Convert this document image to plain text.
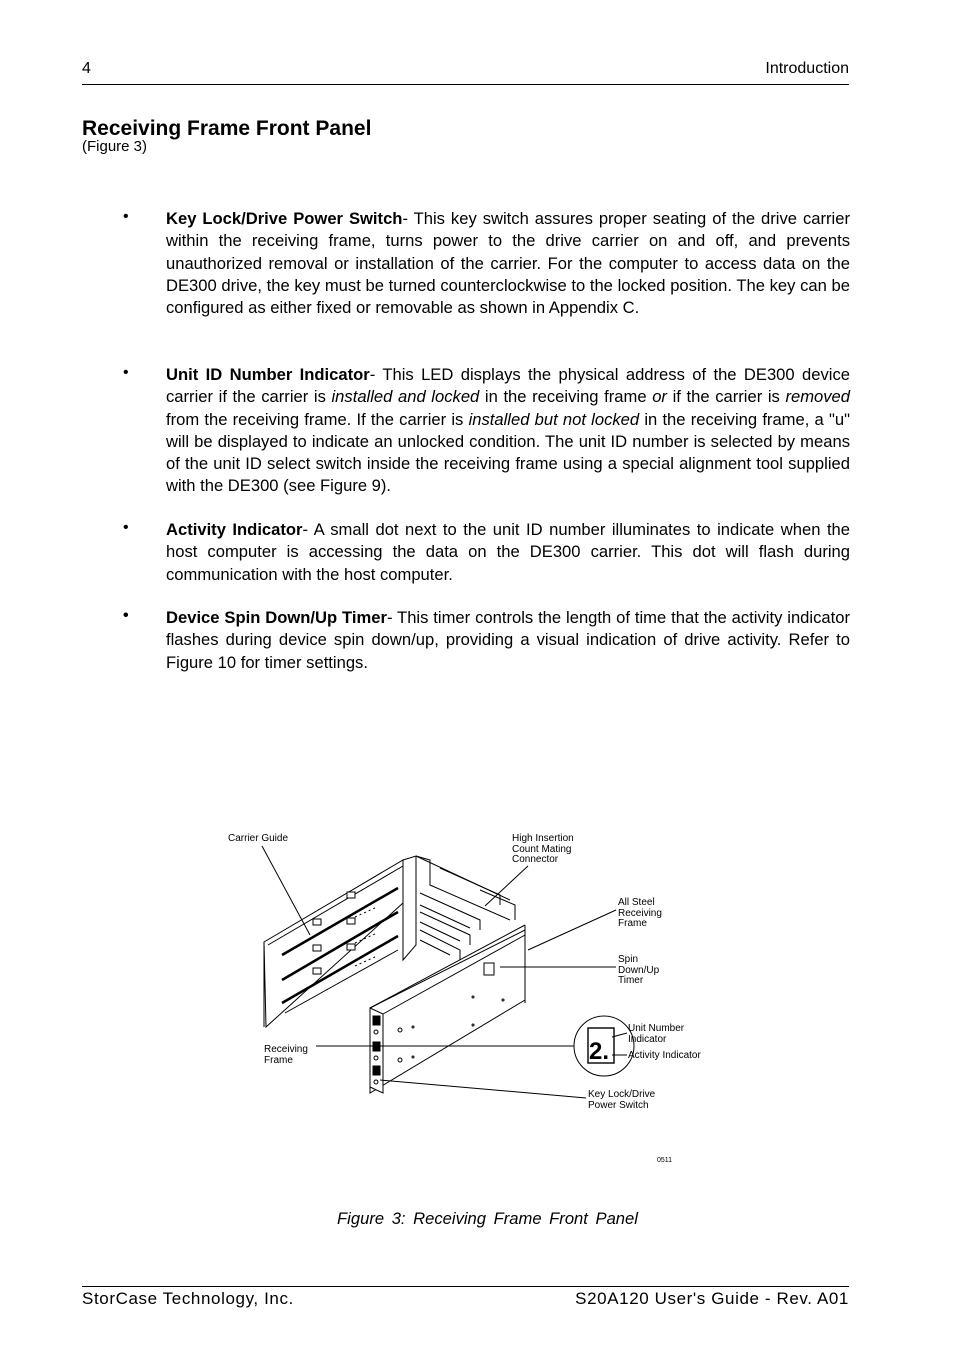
4	Introduction
Receiving Frame Front Panel
(Figure 3)
• Key Lock/Drive Power Switch- This key switch assures proper seating of the drive carrier within the receiving frame, turns power to the drive carrier on and off, and prevents unauthorized removal or installation of the carrier. For the computer to access data on the DE300 drive, the key must be turned counterclockwise to the locked position. The key can be configured as either fixed or removable as shown in Appendix C.
• Unit ID Number Indicator- This LED displays the physical address of the DE300 device carrier if the carrier is installed and locked in the receiving frame or if the carrier is removed from the receiving frame. If the carrier is installed but not locked in the receiving frame, a "u" will be displayed to indicate an unlocked condition. The unit ID number is selected by means of the unit ID select switch inside the receiving frame using a special alignment tool supplied with the DE300 (see Figure 9).
• Activity Indicator- A small dot next to the unit ID number illuminates to indicate when the host computer is accessing the data on the DE300 carrier. This dot will flash during communication with the host computer.
• Device Spin Down/Up Timer- This timer controls the length of time that the activity indicator flashes during device spin down/up, providing a visual indication of drive activity. Refer to Figure 10 for timer settings.
2.
Carrier Guide	High Insertion
Count Mating
Connector
All Steel
Receiving
Frame
Spin
Down/Up
Timer
Unit Number
Indicator
Activity Indicator
Receiving
Frame
Key Lock/Drive
Power Switch
0511
Figure 3: Receiving Frame Front Panel
StorCase Technology, Inc.	S20A120 User's Guide - Rev. A01
